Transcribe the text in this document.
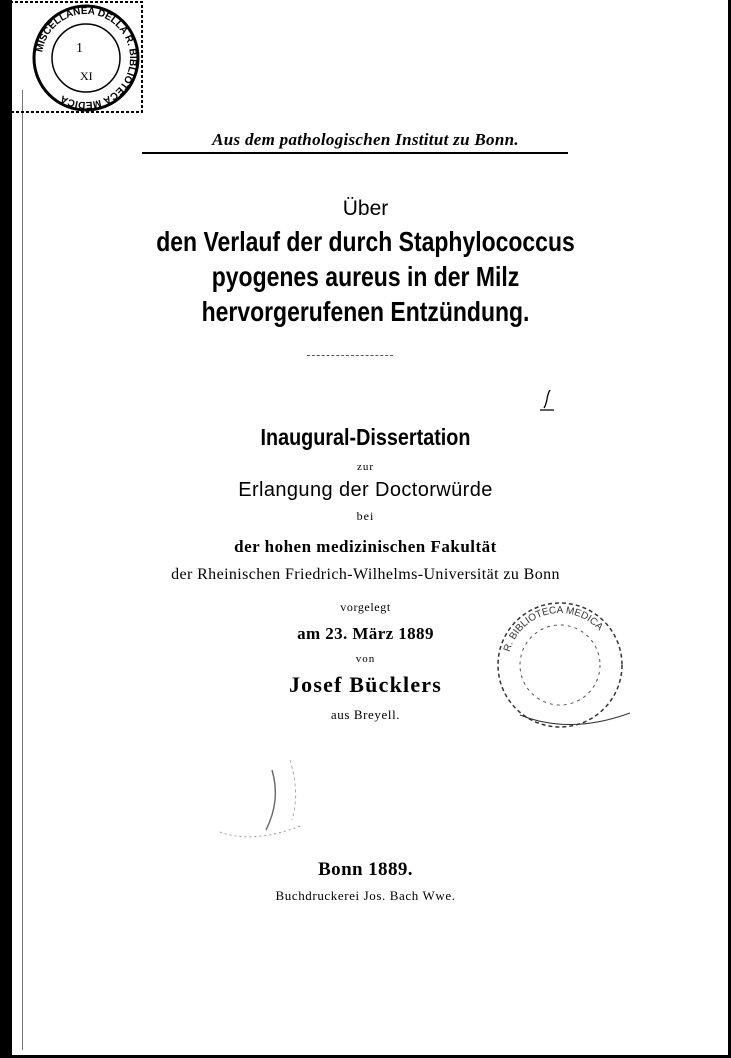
MISCELLANEA DELLA R. BIBLIOTECA MEDICA
1
XI
Aus dem pathologischen Institut zu Bonn.
Über
den Verlauf der durch Staphylococcus
pyogenes aureus in der Milz
hervorgerufenen Entzündung.
Inaugural-Dissertation
zur
Erlangung der Doctorwürde
bei
der hohen medizinischen Fakultät
der Rheinischen Friedrich-Wilhelms-Universität zu Bonn
vorgelegt
am 23. März 1889
von
Josef Bücklers
aus Breyell.
R. BIBLIOTECA MEDICA
Bonn 1889.
Buchdruckerei Jos. Bach Wwe.
